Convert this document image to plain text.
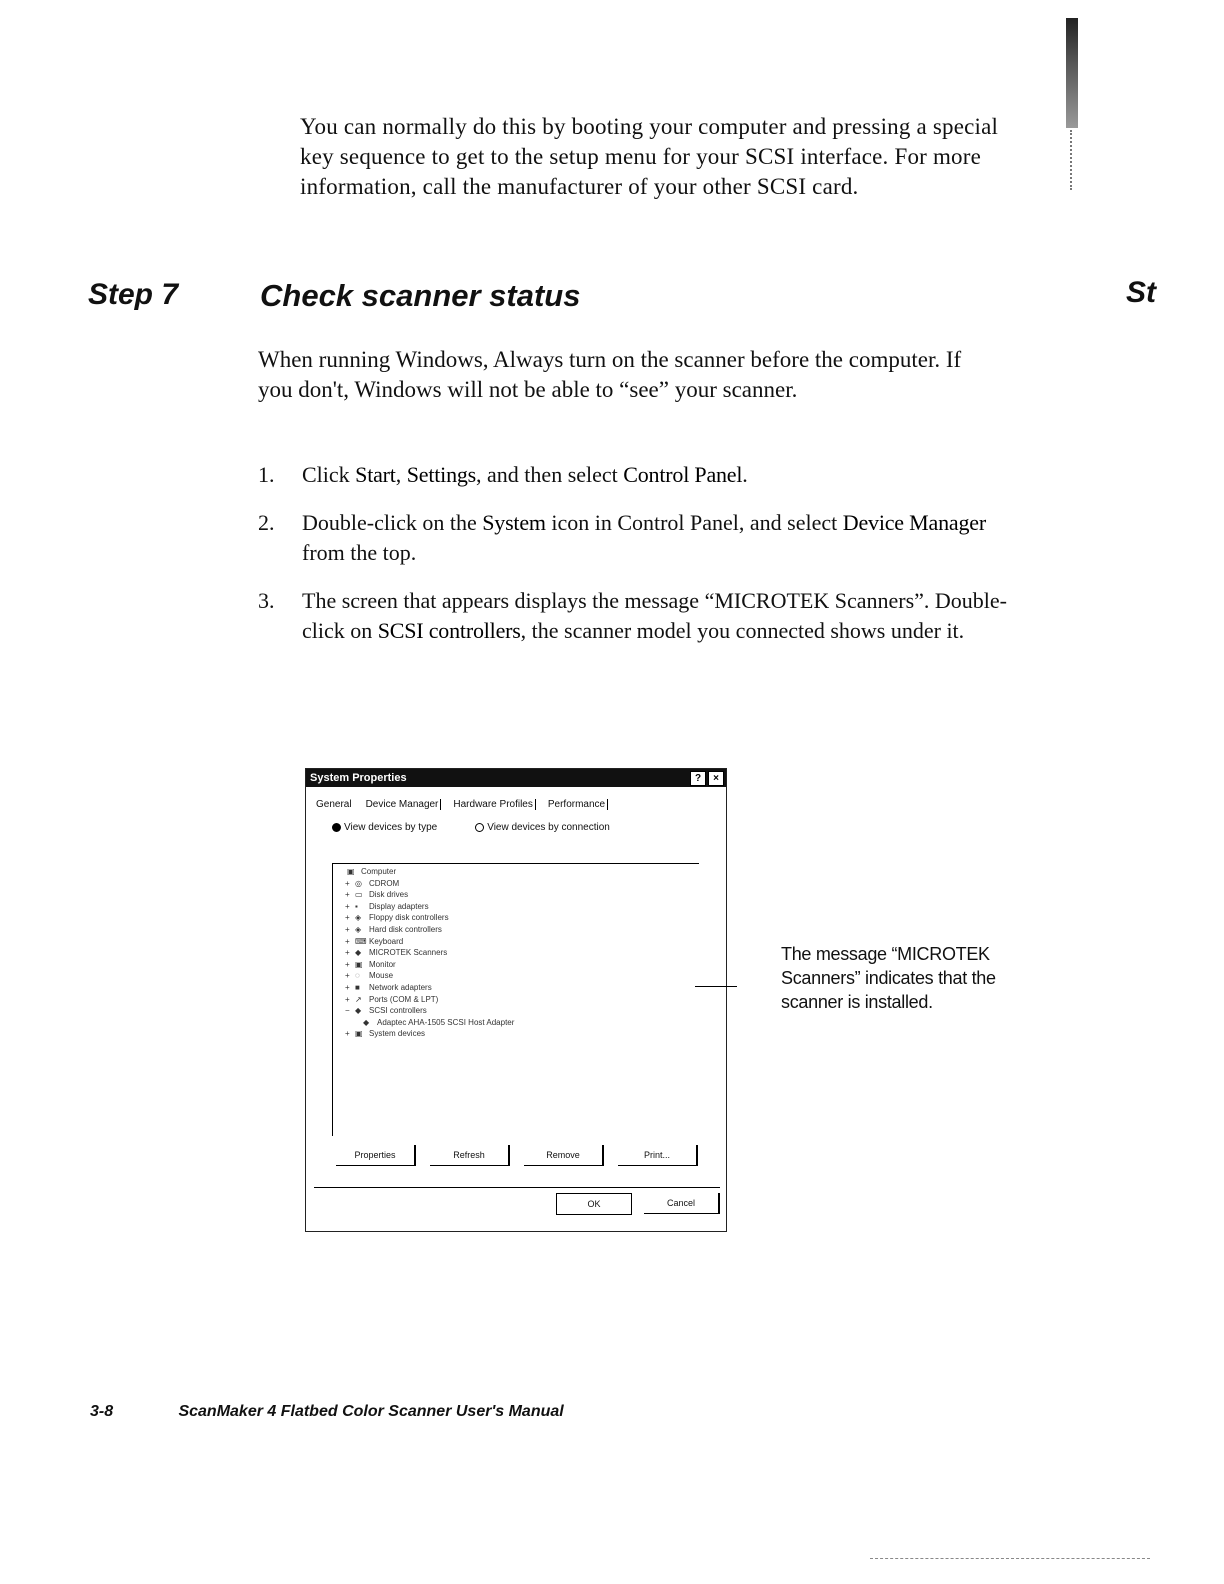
You can normally do this by booting your computer and pressing a special key sequence to get to the setup menu for your SCSI interface. For more information, call the manufacturer of your other SCSI card.

Step 7	Check scanner status	St

When running Windows, Always turn on the scanner before the computer. If you don't, Windows will not be able to “see” your scanner.

1. Click Start, Settings, and then select Control Panel.
2. Double-click on the System icon in Control Panel, and select Device Manager from the top.
3. The screen that appears displays the message “MICROTEK Scanners”. Double-click on SCSI controllers, the scanner model you connected shows under it.
System Properties	?	×
General Device Manager	Hardware Profiles	Performance
View devices by type	View devices by connection
▣ Computer
+ ◎ CDROM
+ ▭ Disk drives
+ ▪ Display adapters
+ ◈ Floppy disk controllers
+ ◈ Hard disk controllers
+ ⌨ Keyboard
+ ◆ MICROTEK Scanners
+ ▣ Monitor
+ ◌ Mouse
+ ■ Network adapters
+ ↗ Ports (COM & LPT)
− ◆ SCSI controllers
◆ Adaptec AHA-1505 SCSI Host Adapter
+ ▣ System devices
Properties	Refresh	Remove	Print...
OK	Cancel
The message “MICROTEK Scanners” indicates that the scanner is installed.
3-8	ScanMaker 4 Flatbed Color Scanner User's Manual
